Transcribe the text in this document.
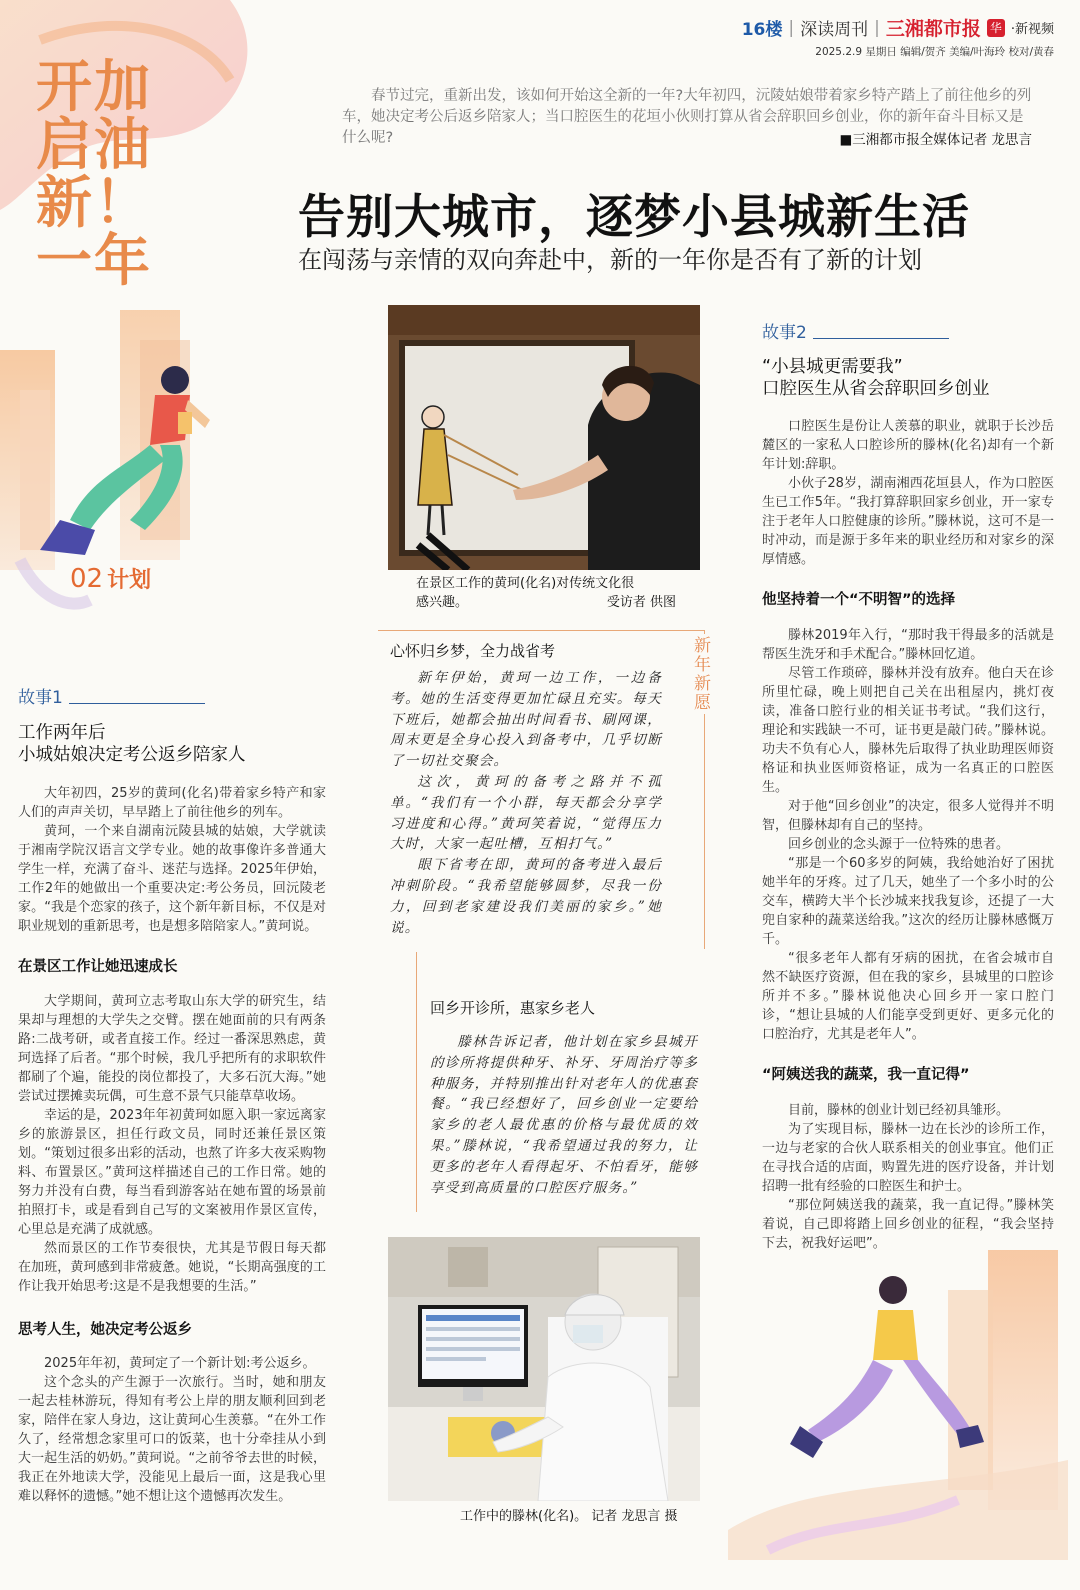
开加
启油
新！
一年
02 计划
16楼 | 深读周刊 | 三湘都市报 华 ·新视频
2025.2.9 星期日 编辑/贺齐 美编/叶海玲 校对/黄春
春节过完，重新出发，该如何开始这全新的一年?大年初四，沅陵姑娘带着家乡特产踏上了前往他乡的列车，她决定考公后返乡陪家人；当口腔医生的花垣小伙则打算从省会辞职回乡创业，你的新年奋斗目标又是什么呢?	■三湘都市报全媒体记者 龙思言
告别大城市，逐梦小县城新生活
在闯荡与亲情的双向奔赴中，新的一年你是否有了新的计划
故事1
工作两年后
小城姑娘决定考公返乡陪家人

大年初四，25岁的黄珂(化名)带着家乡特产和家人们的声声关切，早早踏上了前往他乡的列车。

黄珂，一个来自湖南沅陵县城的姑娘，大学就读于湘南学院汉语言文学专业。她的故事像许多普通大学生一样，充满了奋斗、迷茫与选择。2025年伊始，工作2年的她做出一个重要决定:考公务员，回沅陵老家。“我是个恋家的孩子，这个新年新目标，不仅是对职业规划的重新思考，也是想多陪陪家人。”黄珂说。

在景区工作让她迅速成长

大学期间，黄珂立志考取山东大学的研究生，结果却与理想的大学失之交臂。摆在她面前的只有两条路:二战考研，或者直接工作。经过一番深思熟虑，黄珂选择了后者。“那个时候，我几乎把所有的求职软件都刷了个遍，能投的岗位都投了，大多石沉大海。”她尝试过摆摊卖玩偶，可生意不景气只能草草收场。

幸运的是，2023年年初黄珂如愿入职一家远离家乡的旅游景区，担任行政文员，同时还兼任景区策划。“策划过很多出彩的活动，也熬了许多大夜采购物料、布置景区。”黄珂这样描述自己的工作日常。她的努力并没有白费，每当看到游客站在她布置的场景前拍照打卡，或是看到自己写的文案被用作景区宣传，心里总是充满了成就感。

然而景区的工作节奏很快，尤其是节假日每天都在加班，黄珂感到非常疲惫。她说，“长期高强度的工作让我开始思考:这是不是我想要的生活。”

思考人生，她决定考公返乡

2025年年初，黄珂定了一个新计划:考公返乡。

这个念头的产生源于一次旅行。当时，她和朋友一起去桂林游玩，得知有考公上岸的朋友顺利回到老家，陪伴在家人身边，这让黄珂心生羡慕。“在外工作久了，经常想念家里可口的饭菜，也十分牵挂从小到大一起生活的奶奶。”黄珂说。“之前爷爷去世的时候，我正在外地读大学，没能见上最后一面，这是我心里难以释怀的遗憾。”她不想让这个遗憾再次发生。

在景区工作的黄珂(化名)对传统文化很
感兴趣。	受访者 供图
新年新愿
心怀归乡梦，全力战省考

新年伊始，黄珂一边工作，一边备考。她的生活变得更加忙碌且充实。每天下班后，她都会抽出时间看书、刷网课，周末更是全身心投入到备考中，几乎切断了一切社交聚会。

这次，黄珂的备考之路并不孤单。“我们有一个小群，每天都会分享学习进度和心得。”黄珂笑着说，“觉得压力大时，大家一起吐槽，互相打气。”

眼下省考在即，黄珂的备考进入最后冲刺阶段。“我希望能够圆梦，尽我一份力，回到老家建设我们美丽的家乡。”她说。

回乡开诊所，惠家乡老人

滕林告诉记者，他计划在家乡县城开的诊所将提供种牙、补牙、牙周治疗等多种服务，并特别推出针对老年人的优惠套餐。“我已经想好了，回乡创业一定要给家乡的老人最优惠的价格与最优质的效果。”滕林说，“我希望通过我的努力，让更多的老年人看得起牙、不怕看牙，能够享受到高质量的口腔医疗服务。”

工作中的滕林(化名)。 记者 龙思言 摄
故事2
“小县城更需要我”
口腔医生从省会辞职回乡创业

口腔医生是份让人羡慕的职业，就职于长沙岳麓区的一家私人口腔诊所的滕林(化名)却有一个新年计划:辞职。

小伙子28岁，湖南湘西花垣县人，作为口腔医生已工作5年。“我打算辞职回家乡创业，开一家专注于老年人口腔健康的诊所。”滕林说，这可不是一时冲动，而是源于多年来的职业经历和对家乡的深厚情感。

他坚持着一个“不明智”的选择

滕林2019年入行，“那时我干得最多的活就是帮医生洗牙和手术配合。”滕林回忆道。

尽管工作琐碎，滕林并没有放弃。他白天在诊所里忙碌，晚上则把自己关在出租屋内，挑灯夜读，准备口腔行业的相关证书考试。“我们这行，理论和实践缺一不可，证书更是敲门砖。”滕林说。功夫不负有心人，滕林先后取得了执业助理医师资格证和执业医师资格证，成为一名真正的口腔医生。

对于他“回乡创业”的决定，很多人觉得并不明智，但滕林却有自己的坚持。

回乡创业的念头源于一位特殊的患者。

“那是一个60多岁的阿姨，我给她治好了困扰她半年的牙疼。过了几天，她坐了一个多小时的公交车，横跨大半个长沙城来找我复诊，还提了一大兜自家种的蔬菜送给我。”这次的经历让滕林感慨万千。

“很多老年人都有牙病的困扰，在省会城市自然不缺医疗资源，但在我的家乡，县城里的口腔诊所并不多。”滕林说他决心回乡开一家口腔门诊，“想让县城的人们能享受到更好、更多元化的口腔治疗，尤其是老年人”。

“阿姨送我的蔬菜，我一直记得”

目前，滕林的创业计划已经初具雏形。

为了实现目标，滕林一边在长沙的诊所工作，一边与老家的合伙人联系相关的创业事宜。他们正在寻找合适的店面，购置先进的医疗设备，并计划招聘一批有经验的口腔医生和护士。

“那位阿姨送我的蔬菜，我一直记得。”滕林笑着说，自己即将踏上回乡创业的征程，“我会坚持下去，祝我好运吧”。
